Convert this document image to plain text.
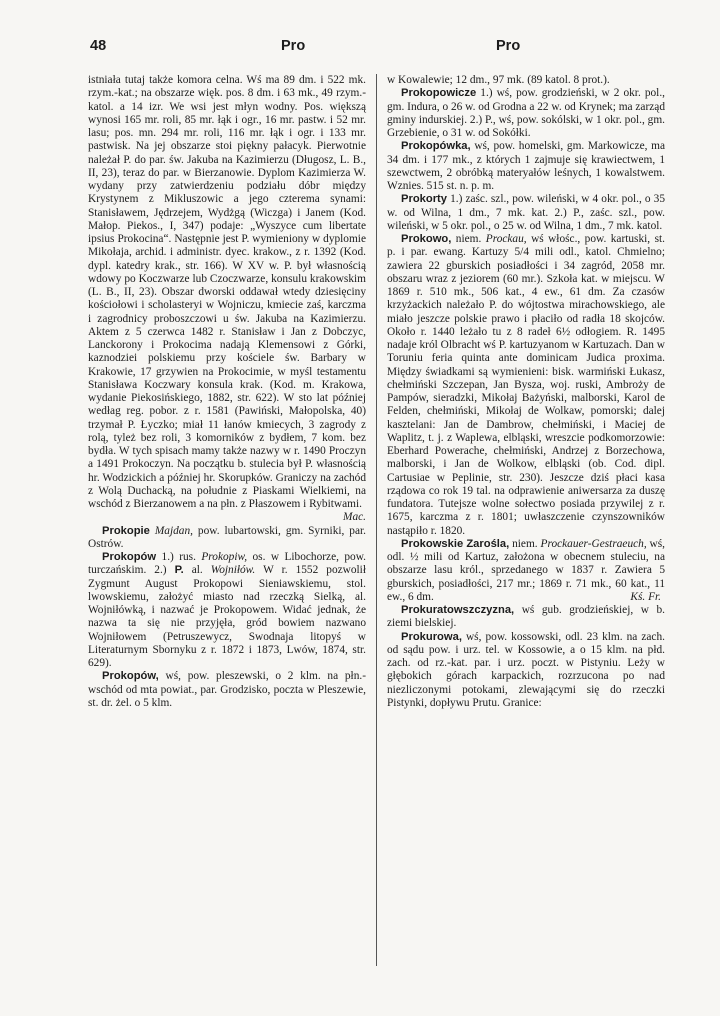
48	Pro	Pro

istniała tutaj także komora celna. Wś ma 89 dm. i 522 mk. rzym.-kat.; na obszarze więk. pos. 8 dm. i 63 mk., 49 rzym.-katol. a 14 izr. We wsi jest młyn wodny. Pos. większą wynosi 165 mr. roli, 85 mr. łąk i ogr., 16 mr. pastw. i 52 mr. lasu; pos. mn. 294 mr. roli, 116 mr. łąk i ogr. i 133 mr. pastwisk. Na jej obszarze stoi piękny pałacyk. Pierwotnie należał P. do par. św. Jakuba na Kazimierzu (Długosz, L. B., II, 23), teraz do par. w Bierzanowie. Dyplom Kazimierza W. wydany przy zatwierdzeniu podziału dóbr między Krystynem z Mikluszowic a jego czterema synami: Stanisławem, Jędrzejem, Wydżgą (Wiczga) i Janem (Kod. Małop. Piekos., I, 347) podaje: „Wyszyce cum libertate ipsius Prokocina“. Następnie jest P. wymieniony w dyplomie Mikołaja, archid. i administr. dyec. krakow., z r. 1392 (Kod. dypl. katedry krak., str. 166). W XV w. P. był własnością wdowy po Koczwarze lub Czoczwarze, konsulu krakowskim (L. B., II, 23). Obszar dworski oddawał wtedy dziesięciny kościołowi i scholasteryi w Wojniczu, kmiecie zaś, karczma i zagrodnicy proboszczowi u św. Jakuba na Kazimierzu. Aktem z 5 czerwca 1482 r. Stanisław i Jan z Dobczyc, Lanckorony i Prokocima nadają Klemensowi z Górki, kaznodziei polskiemu przy kościele św. Barbary w Krakowie, 17 grzywien na Prokocimie, w myśl testamentu Stanisława Koczwary konsula krak. (Kod. m. Krakowa, wydanie Piekosińskiego, 1882, str. 622). W sto lat później wedłag reg. pobor. z r. 1581 (Pawiński, Małopolska, 40) trzymał P. Łyczko; miał 11 łanów kmiecych, 3 zagrody z rolą, tyleż bez roli, 3 komorników z bydłem, 7 kom. bez bydła. W tych spisach mamy także nazwy w r. 1490 Proczyn a 1491 Prokoczyn. Na początku b. stulecia był P. własnością hr. Wodzickich a później hr. Skorupków. Graniczy na zachód z Wolą Duchacką, na południe z Piaskami Wielkiemi, na wschód z Bierzanowem a na płn. z Płaszowem i Rybitwami.

Mac.

Prokopie Majdan, pow. lubartowski, gm. Syrniki, par. Ostrów.

Prokopów 1.) rus. Prokopiw, os. w Libochorze, pow. turczańskim. 2.) P. al. Wojniłów. W r. 1552 pozwolił Zygmunt August Prokopowi Sieniawskiemu, stol. lwowskiemu, założyć miasto nad rzeczką Sielką, al. Wojniłówką, i nazwać je Prokopowem. Widać jednak, że nazwa ta się nie przyjęła, gród bowiem nazwano Wojniłowem (Petruszewycz, Swodnaja litopyś w Literaturnym Sbornyku z r. 1872 i 1873, Lwów, 1874, str. 629).

Prokopów, wś, pow. pleszewski, o 2 klm. na płn.-wschód od mta powiat., par. Grodzisko, poczta w Pleszewie, st. dr. żel. o 5 klm.

w Kowalewie; 12 dm., 97 mk. (89 katol. 8 prot.).

Prokopowicze 1.) wś, pow. grodzieński, w 2 okr. pol., gm. Indura, o 26 w. od Grodna a 22 w. od Krynek; ma zarząd gminy indurskiej. 2.) P., wś, pow. sokólski, w 1 okr. pol., gm. Grzebienie, o 31 w. od Sokółki.

Prokopówka, wś, pow. homelski, gm. Markowicze, ma 34 dm. i 177 mk., z których 1 zajmuje się krawiectwem, 1 szewctwem, 2 obróbką materyałów leśnych, 1 kowalstwem. Wznies. 515 st. n. p. m.

Prokorty 1.) zaśc. szl., pow. wileński, w 4 okr. pol., o 35 w. od Wilna, 1 dm., 7 mk. kat. 2.) P., zaśc. szl., pow. wileński, w 5 okr. pol., o 25 w. od Wilna, 1 dm., 7 mk. katol.

Prokowo, niem. Prockau, wś włośc., pow. kartuski, st. p. i par. ewang. Kartuzy 5/4 mili odl., katol. Chmielno; zawiera 22 gburskich posiadłości i 34 zagród, 2058 mr. obszaru wraz z jeziorem (60 mr.). Szkoła kat. w miejscu. W 1869 r. 510 mk., 506 kat., 4 ew., 61 dm. Za czasów krzyżackich należało P. do wójtostwa mirachowskiego, ale miało jeszcze polskie prawo i płaciło od radła 18 skojców. Około r. 1440 leżało tu z 8 radeł 6½ odłogiem. R. 1495 nadaje król Olbracht wś P. kartuzyanom w Kartuzach. Dan w Toruniu feria quinta ante dominicam Judica proxima. Między świadkami są wymienieni: bisk. warmiński Łukasz, chełmiński Szczepan, Jan Bysza, woj. ruski, Ambroży de Pampów, sieradzki, Mikołaj Bażyński, malborski, Karol de Felden, chełmiński, Mikołaj de Wolkaw, pomorski; dalej kasztelani: Jan de Dambrow, chełmiński, i Maciej de Waplitz, t. j. z Waplewa, elbląski, wreszcie podkomorzowie: Eberhard Powerache, chełmiński, Andrzej z Borzechowa, malborski, i Jan de Wolkow, elbląski (ob. Cod. dipl. Cartusiae w Peplinie, str. 230). Jeszcze dziś płaci kasa rządowa co rok 19 tal. na odprawienie aniwersarza za duszę fundatora. Tutejsze wolne sołectwo posiada przywilej z r. 1675, karczma z r. 1801; uwłaszczenie czynszowników nastąpiło r. 1820.

Prokowskie Zarośla, niem. Prockauer-Gestraeuch, wś, odl. ½ mili od Kartuz, założona w obecnem stuleciu, na obszarze lasu król., sprzedanego w 1837 r. Zawiera 5 gburskich, posiadłości, 217 mr.; 1869 r. 71 mk., 60 kat., 11 ew., 6 dm.	Kś. Fr.

Prokuratowszczyzna, wś gub. grodzieńskiej, w b. ziemi bielskiej.

Prokurowa, wś, pow. kossowski, odl. 23 klm. na zach. od sądu pow. i urz. tel. w Kossowie, a o 15 klm. na płd. zach. od rz.-kat. par. i urz. poczt. w Pistyniu. Leży w głębokich górach karpackich, rozrzucona po nad niezliczonymi potokami, zlewającymi się do rzeczki Pistynki, dopływu Prutu. Granice:
